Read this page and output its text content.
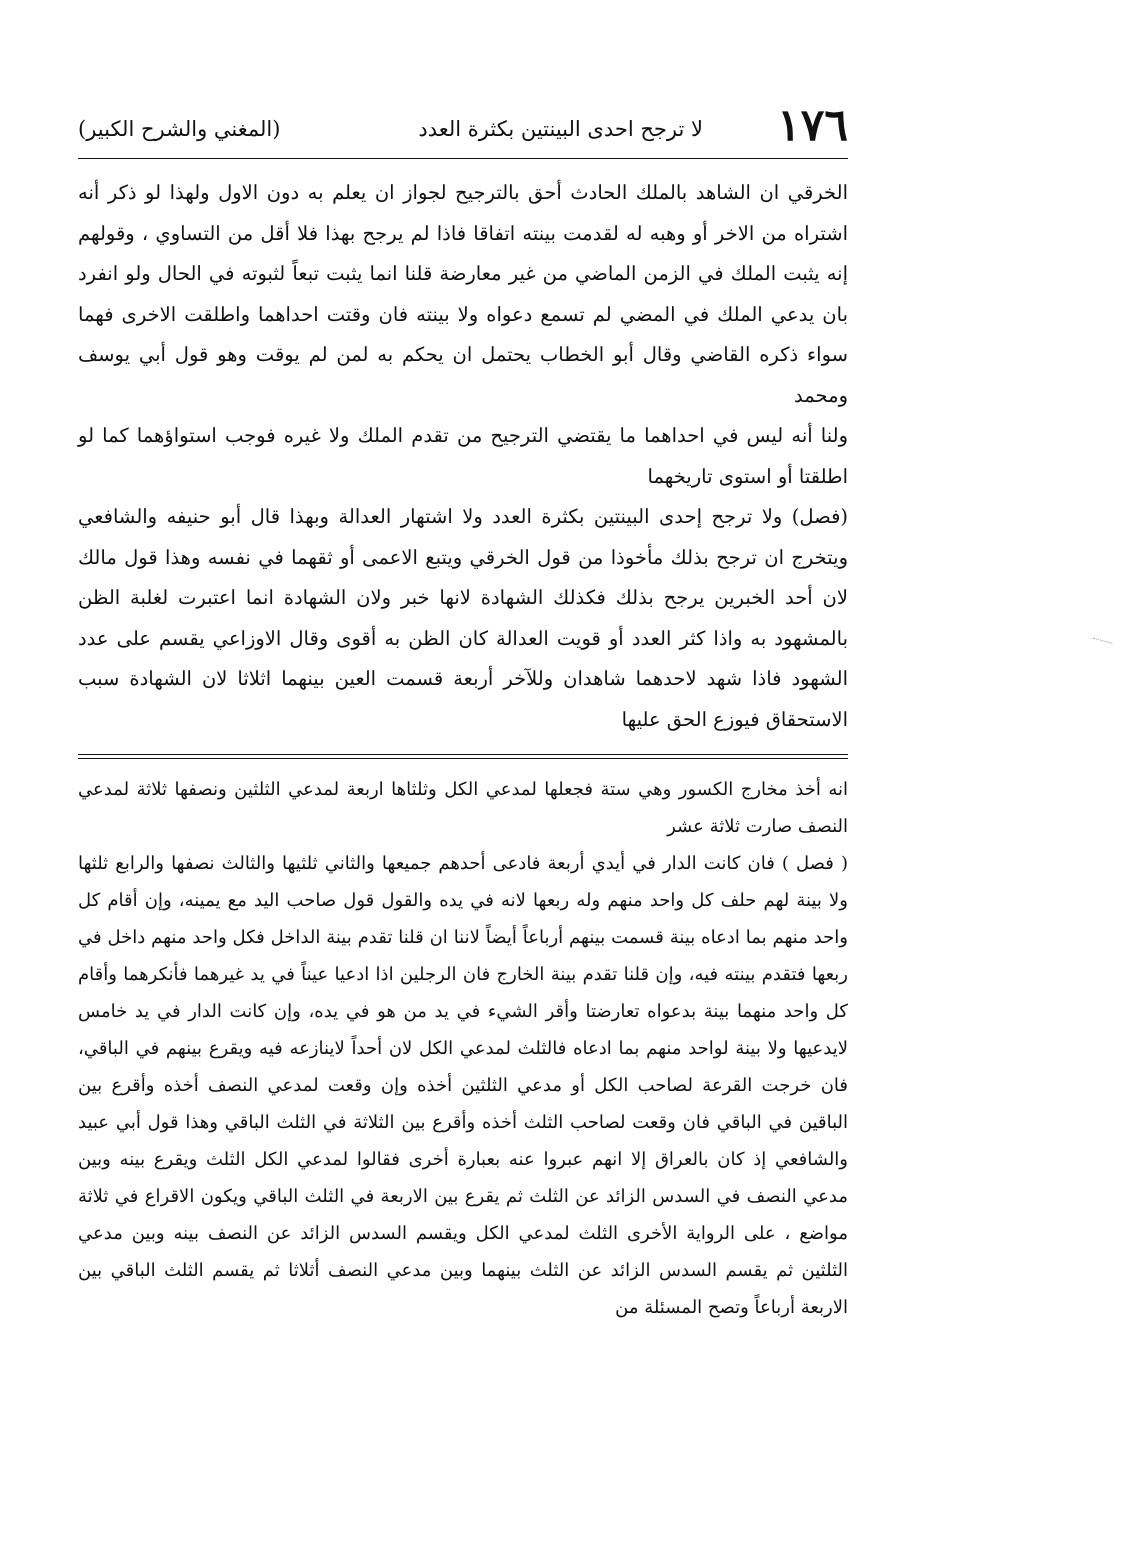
١٧٦
لا ترجح احدى البينتين بكثرة العدد
(المغني والشرح الكبير)

الخرقي ان الشاهد بالملك الحادث أحق بالترجيح لجواز ان يعلم به دون الاول ولهذا لو ذكر أنه اشتراه من الاخر أو وهبه له لقدمت بينته اتفاقا فاذا لم يرجح بهذا فلا أقل من التساوي ، وقولهم إنه يثبت الملك في الزمن الماضي من غير معارضة قلنا انما يثبت تبعاً لثبوته في الحال ولو انفرد بان يدعي الملك في المضي لم تسمع دعواه ولا بينته فان وقتت احداهما واطلقت الاخرى فهما سواء ذكره القاضي وقال أبو الخطاب يحتمل ان يحكم به لمن لم يوقت وهو قول أبي يوسف ومحمد

ولنا أنه ليس في احداهما ما يقتضي الترجيح من تقدم الملك ولا غيره فوجب استواؤهما كما لو اطلقتا أو استوى تاريخهما

(فصل) ولا ترجح إحدى البينتين بكثرة العدد ولا اشتهار العدالة وبهذا قال أبو حنيفه والشافعي ويتخرج ان ترجح بذلك مأخوذا من قول الخرقي ويتبع الاعمى أو ثقهما في نفسه وهذا قول مالك لان أحد الخبرين يرجح بذلك فكذلك الشهادة لانها خبر ولان الشهادة انما اعتبرت لغلبة الظن بالمشهود به واذا كثر العدد أو قويت العدالة كان الظن به أقوى وقال الاوزاعي يقسم على عدد الشهود فاذا شهد لاحدهما شاهدان وللآخر أربعة قسمت العين بينهما اثلاثا لان الشهادة سبب الاستحقاق فيوزع الحق عليها

انه أخذ مخارج الكسور وهي ستة فجعلها لمدعي الكل وثلثاها اربعة لمدعي الثلثين ونصفها ثلاثة لمدعي النصف صارت ثلاثة عشر

( فصل ) فان كانت الدار في أيدي أربعة فادعى أحدهم جميعها والثاني ثلثيها والثالث نصفها والرابع ثلثها ولا بينة لهم حلف كل واحد منهم وله ربعها لانه في يده والقول قول صاحب اليد مع يمينه، وإن أقام كل واحد منهم بما ادعاه بينة قسمت بينهم أرباعاً أيضاً لاننا ان قلنا تقدم بينة الداخل فكل واحد منهم داخل في ربعها فتقدم بينته فيه، وإن قلنا تقدم بينة الخارج فان الرجلين اذا ادعيا عيناً في يد غيرهما فأنكرهما وأقام كل واحد منهما بينة بدعواه تعارضتا وأقر الشيء في يد من هو في يده، وإن كانت الدار في يد خامس لايدعيها ولا بينة لواحد منهم بما ادعاه فالثلث لمدعي الكل لان أحداً لاينازعه فيه ويقرع بينهم في الباقي، فان خرجت القرعة لصاحب الكل أو مدعي الثلثين أخذه وإن وقعت لمدعي النصف أخذه وأقرع بين الباقين في الباقي فان وقعت لصاحب الثلث أخذه وأقرع بين الثلاثة في الثلث الباقي وهذا قول أبي عبيد والشافعي إذ كان بالعراق إلا انهم عبروا عنه بعبارة أخرى فقالوا لمدعي الكل الثلث ويقرع بينه وبين مدعي النصف في السدس الزائد عن الثلث ثم يقرع بين الاربعة في الثلث الباقي ويكون الاقراع في ثلاثة مواضع ، على الرواية الأخرى الثلث لمدعي الكل ويقسم السدس الزائد عن النصف بينه وبين مدعي الثلثين ثم يقسم السدس الزائد عن الثلث بينهما وبين مدعي النصف أثلاثا ثم يقسم الثلث الباقي بين الاربعة أرباعاً وتصح المسئلة من
